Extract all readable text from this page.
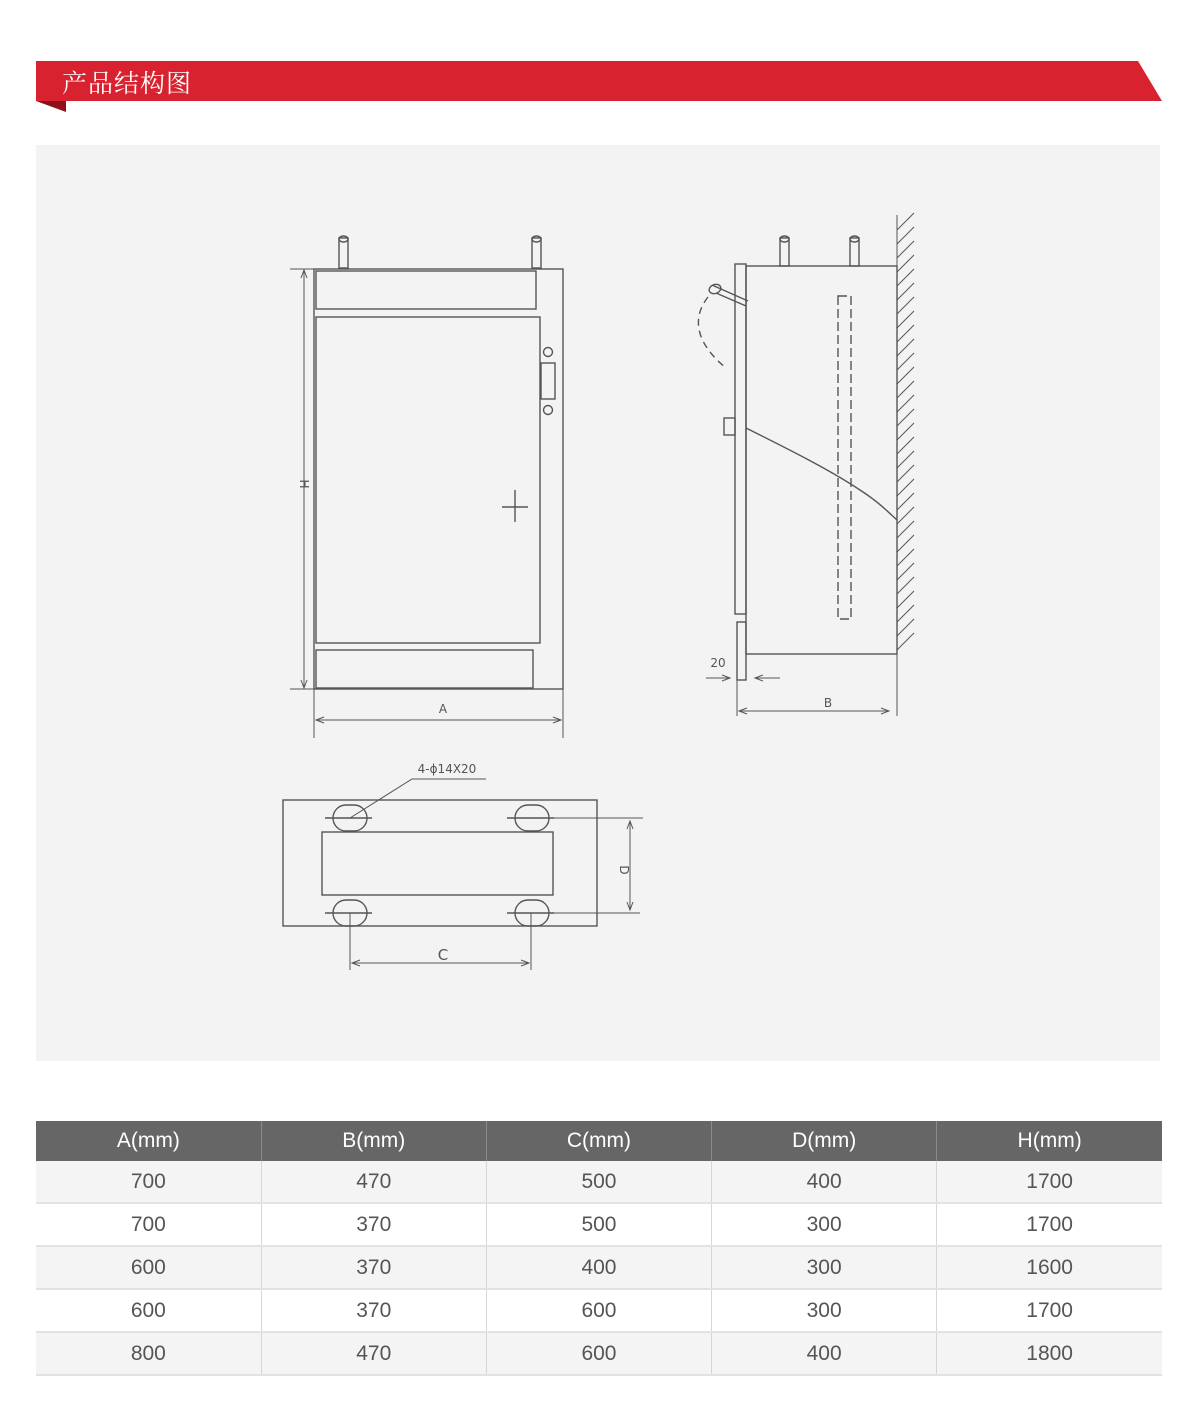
产品结构图
H
A
20
B
4-ϕ14X20
D
C
A(mm)	B(mm)	C(mm)	D(mm)	H(mm)
700	470	500	400	1700
700	370	500	300	1700
600	370	400	300	1600
600	370	600	300	1700
800	470	600	400	1800
